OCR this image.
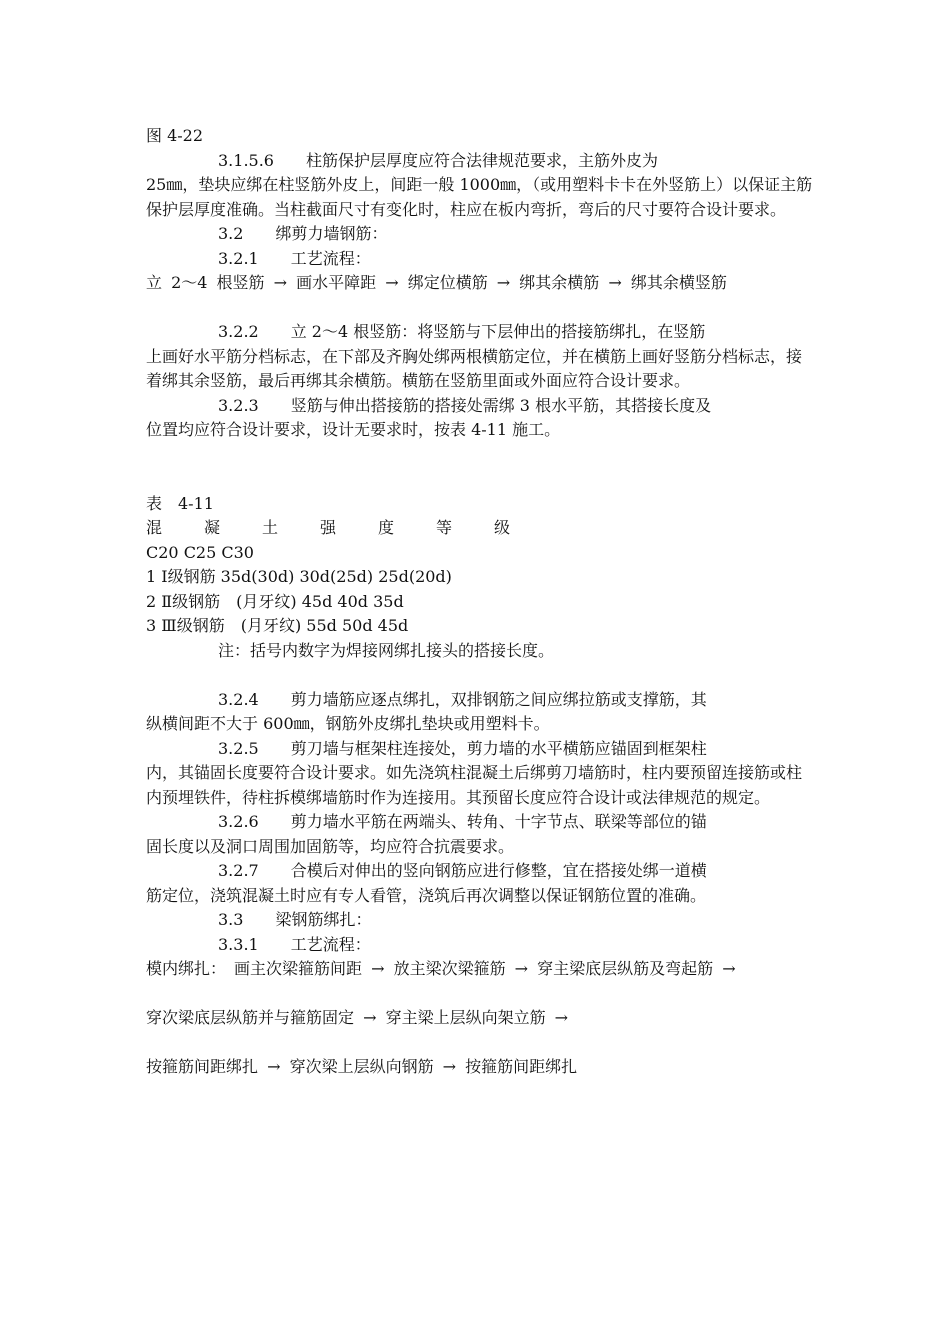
图 4-22

3.1.5.6　　柱筋保护层厚度应符合法律规范要求，主筋外皮为

25㎜，垫块应绑在柱竖筋外皮上，间距一般 1000㎜，（或用塑料卡卡在外竖筋上）以保证主筋保护层厚度准确。当柱截面尺寸有变化时，柱应在板内弯折，弯后的尺寸要符合设计要求。

3.2　　绑剪力墙钢筋：

3.2.1　　工艺流程：

立 2～4 根竖筋 → 画水平障距 → 绑定位横筋 → 绑其余横筋 → 绑其余横竖筋

3.2.2　　立 2～4 根竖筋：将竖筋与下层伸出的搭接筋绑扎，在竖筋

上画好水平筋分档标志，在下部及齐胸处绑两根横筋定位，并在横筋上画好竖筋分档标志，接着绑其余竖筋，最后再绑其余横筋。横筋在竖筋里面或外面应符合设计要求。

3.2.3　　竖筋与伸出搭接筋的搭接处需绑 3 根水平筋，其搭接长度及

位置均应符合设计要求，设计无要求时，按表 4-11 施工。

表　4-11

混	凝	土	强	度	等	级

C20 C25 C30

1 Ⅰ级钢筋 35d(30d) 30d(25d) 25d(20d)

2 Ⅱ级钢筋　(月牙纹) 45d 40d 35d

3 Ⅲ级钢筋　(月牙纹) 55d 50d 45d

注：括号内数字为焊接网绑扎接头的搭接长度。

3.2.4　　剪力墙筋应逐点绑扎，双排钢筋之间应绑拉筋或支撑筋，其

纵横间距不大于 600㎜，钢筋外皮绑扎垫块或用塑料卡。

3.2.5　　剪刀墙与框架柱连接处，剪力墙的水平横筋应锚固到框架柱

内，其锚固长度要符合设计要求。如先浇筑柱混凝土后绑剪刀墙筋时，柱内要预留连接筋或柱内预埋铁件，待柱拆模绑墙筋时作为连接用。其预留长度应符合设计或法律规范的规定。

3.2.6　　剪力墙水平筋在两端头、转角、十字节点、联梁等部位的锚

固长度以及洞口周围加固筋等，均应符合抗震要求。

3.2.7　　合模后对伸出的竖向钢筋应进行修整，宜在搭接处绑一道横

筋定位，浇筑混凝土时应有专人看管，浇筑后再次调整以保证钢筋位置的准确。

3.3　　梁钢筋绑扎：

3.3.1　　工艺流程：

模内绑扎：　画主次梁箍筋间距 → 放主梁次梁箍筋 → 穿主梁底层纵筋及弯起筋 →

穿次梁底层纵筋并与箍筋固定 → 穿主梁上层纵向架立筋 →

按箍筋间距绑扎 → 穿次梁上层纵向钢筋 → 按箍筋间距绑扎
